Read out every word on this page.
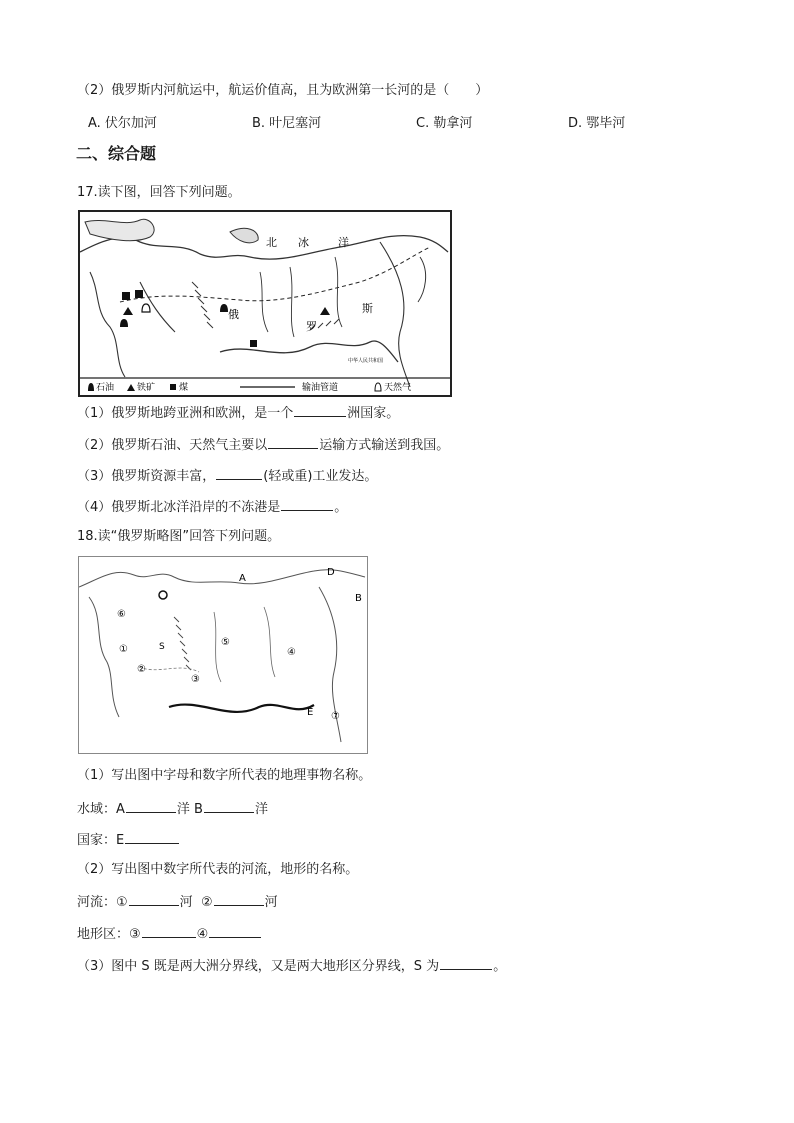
（2）俄罗斯内河航运中，航运价值高，且为欧洲第一长河的是（　　）
A. 伏尔加河	B. 叶尼塞河	C. 勒拿河	D. 鄂毕河
二、综合题
17.读下图，回答下列问题。
北 冰	洋
俄
罗
斯
中华人民共和国
石油	铁矿	煤	输油管道	天然气
（1）俄罗斯地跨亚洲和欧洲，是一个	洲国家。
（2）俄罗斯石油、天然气主要以	运输方式输送到我国。
（3）俄罗斯资源丰富，	(轻或重)工业发达。
（4）俄罗斯北冰洋沿岸的不冻港是	。
18.读“俄罗斯略图”回答下列问题。
A
B
D
E
S
①
②
③
④
⑤
⑥
⑦
（1）写出图中字母和数字所代表的地理事物名称。
水域：A	洋 B	洋
国家：E
（2）写出图中数字所代表的河流，地形的名称。
河流：①	河 ②	河
地形区：③	④
（3）图中 S 既是两大洲分界线，又是两大地形区分界线，S 为	。
